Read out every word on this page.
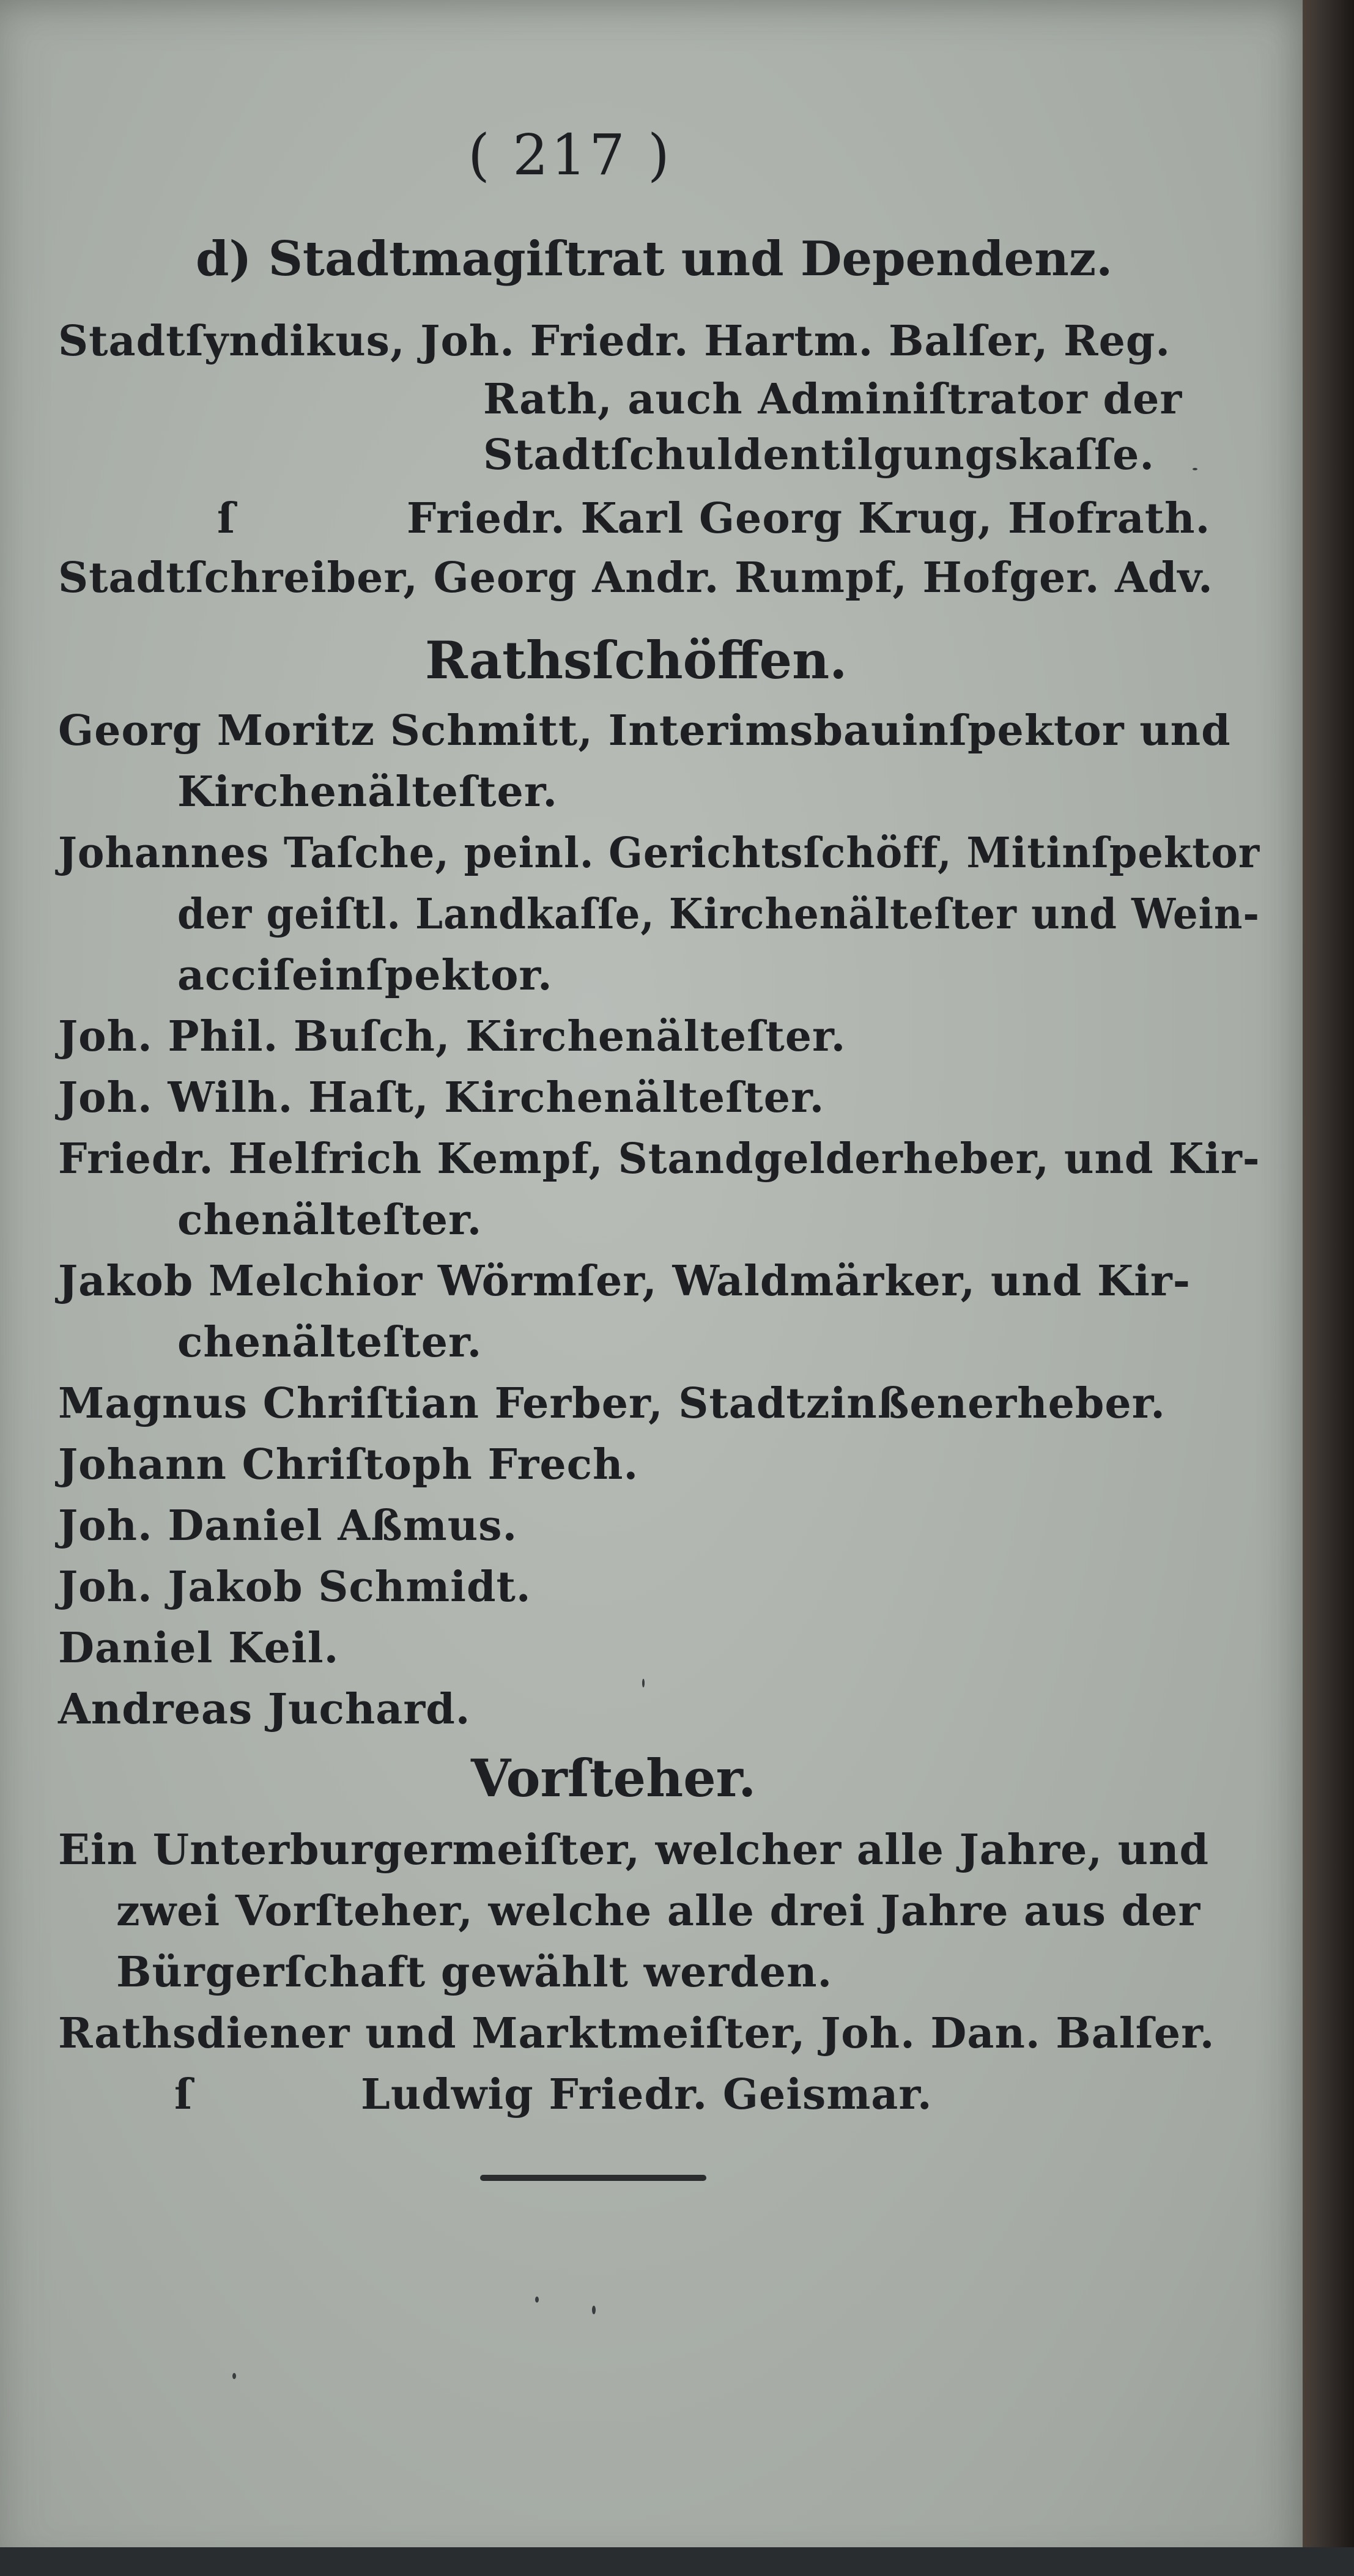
( 217 )
d) Stadtmagiſtrat und Dependenz.
Stadtſyndikus, Joh. Friedr. Hartm. Balſer, Reg.
Rath, auch Adminiſtrator der
Stadtſchuldentilgungskaſſe.
ſ	Friedr. Karl Georg Krug, Hofrath.
Stadtſchreiber, Georg Andr. Rumpf, Hofger. Adv.
Rathsſchöffen.
Georg Moritz Schmitt, Interimsbauinſpektor und
Kirchenälteſter.
Johannes Taſche, peinl. Gerichtsſchöff, Mitinſpektor
der geiſtl. Landkaſſe, Kirchenälteſter und Wein-
acciſeinſpektor.
Joh. Phil. Buſch, Kirchenälteſter.
Joh. Wilh. Haſt, Kirchenälteſter.
Friedr. Helfrich Kempf, Standgelderheber, und Kir-
chenälteſter.
Jakob Melchior Wörmſer, Waldmärker, und Kir-
chenälteſter.
Magnus Chriſtian Ferber, Stadtzinßenerheber.
Johann Chriſtoph Frech.
Joh. Daniel Aßmus.
Joh. Jakob Schmidt.
Daniel Keil.
Andreas Juchard.
Vorſteher.
Ein Unterburgermeiſter, welcher alle Jahre, und
zwei Vorſteher, welche alle drei Jahre aus der
Bürgerſchaft gewählt werden.
Rathsdiener und Marktmeiſter, Joh. Dan. Balſer.
ſ	Ludwig Friedr. Geismar.
